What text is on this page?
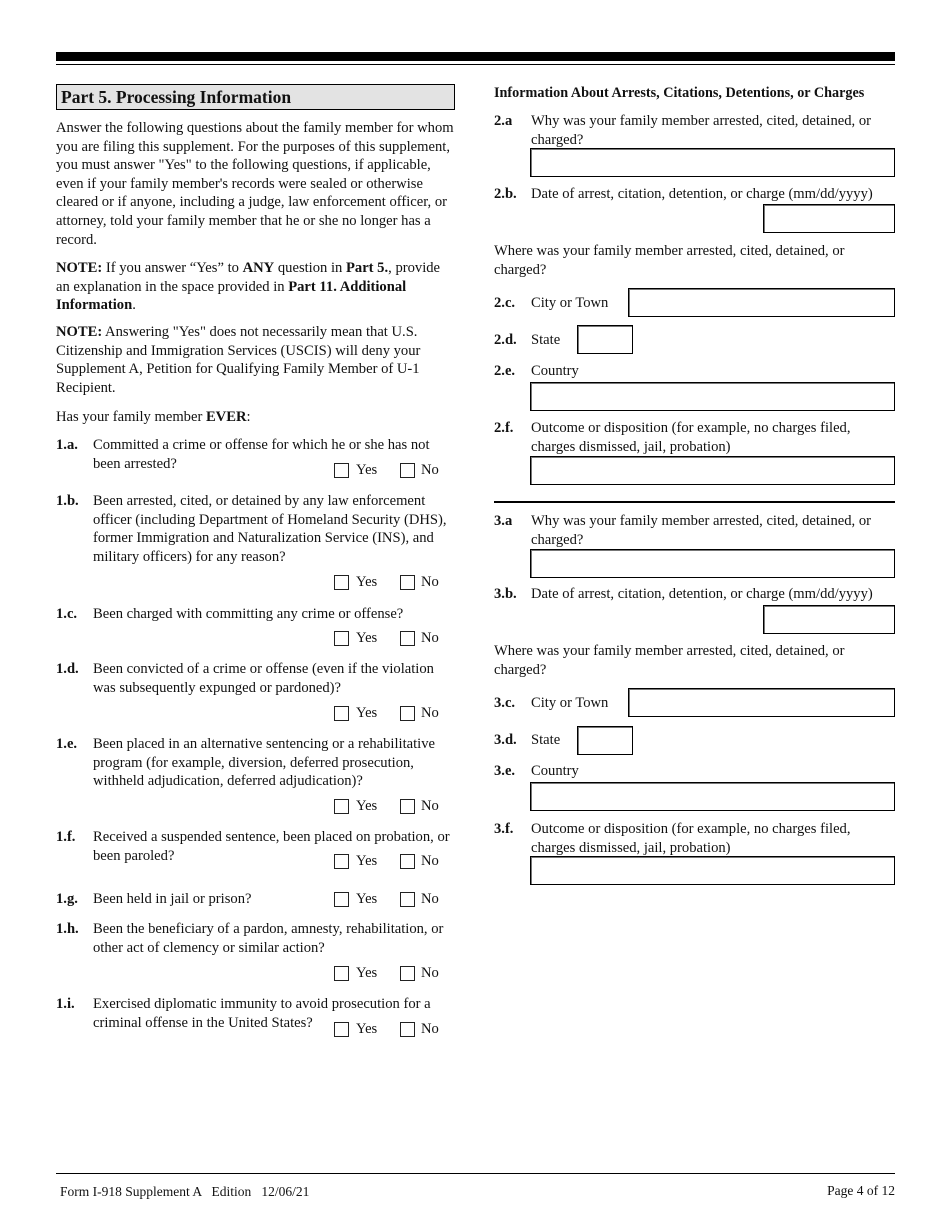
Part 5. Processing Information
Answer the following questions about the family member for whom you are filing this supplement. For the purposes of this supplement, you must answer "Yes" to the following questions, if applicable, even if your family member's records were sealed or otherwise cleared or if anyone, including a judge, law enforcement officer, or attorney, told your family member that he or she no longer has a record.
NOTE: If you answer “Yes” to ANY question in Part 5., provide an explanation in the space provided in Part 11. Additional Information.
NOTE: Answering "Yes" does not necessarily mean that U.S. Citizenship and Immigration Services (USCIS) will deny your Supplement A, Petition for Qualifying Family Member of U-1 Recipient.
Has your family member EVER:
1.a. Committed a crime or offense for which he or she has not been arrested?	Yes	No
1.b. Been arrested, cited, or detained by any law enforcement officer (including Department of Homeland Security (DHS), former Immigration and Naturalization Service (INS), and military officers) for any reason?
Yes	No
1.c. Been charged with committing any crime or offense?
Yes	No
1.d. Been convicted of a crime or offense (even if the violation was subsequently expunged or pardoned)?
Yes	No
1.e. Been placed in an alternative sentencing or a rehabilitative program (for example, diversion, deferred prosecution, withheld adjudication, deferred adjudication)?
Yes	No
1.f. Received a suspended sentence, been placed on probation, or been paroled?	Yes	No
1.g. Been held in jail or prison?	Yes	No
1.h. Been the beneficiary of a pardon, amnesty, rehabilitation, or other act of clemency or similar action?
Yes	No
1.i. Exercised diplomatic immunity to avoid prosecution for a criminal offense in the United States?	Yes	No
Information About Arrests, Citations, Detentions, or Charges
2.a Why was your family member arrested, cited, detained, or charged?
2.b. Date of arrest, citation, detention, or charge (mm/dd/yyyy)
Where was your family member arrested, cited, detained, or charged?
2.c. City or Town
2.d. State
2.e. Country
2.f. Outcome or disposition (for example, no charges filed, charges dismissed, jail, probation)
3.a Why was your family member arrested, cited, detained, or charged?
3.b. Date of arrest, citation, detention, or charge (mm/dd/yyyy)
Where was your family member arrested, cited, detained, or charged?
3.c. City or Town
3.d. State
3.e. Country
3.f. Outcome or disposition (for example, no charges filed, charges dismissed, jail, probation)
Form I-918 Supplement A   Edition   12/06/21	Page 4 of 12
